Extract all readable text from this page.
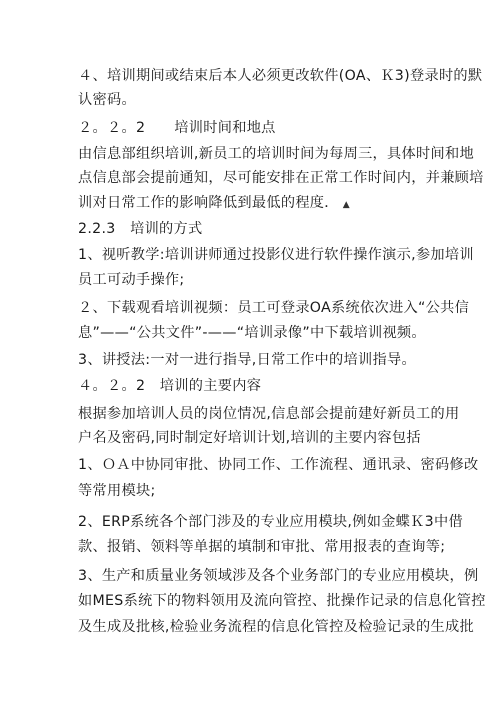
４、培训期间或结束后本人必须更改软件(OA、Ｋ3)登录时的默

认密码。

２。２。2　　培训时间和地点

由信息部组织培训,新员工的培训时间为每周三，具体时间和地

点信息部会提前通知，尽可能安排在正常工作时间内，并兼顾培

训对日常工作的影响降低到最低的程度． ▲

2.2.3　培训的方式

1、视听教学:培训讲师通过投影仪进行软件操作演示,参加培训

员工可动手操作;

２、下载观看培训视频：员工可登录OA系统依次进入“公共信

息”——“公共文件”-——“培训录像”中下载培训视频。

3、讲授法:一对一进行指导,日常工作中的培训指导。

４。２。2　培训的主要内容

根据参加培训人员的岗位情况,信息部会提前建好新员工的用

户名及密码,同时制定好培训计划,培训的主要内容包括

1、ＯＡ中协同审批、协同工作、工作流程、通讯录、密码修改

等常用模块;

2、ERP系统各个部门涉及的专业应用模块,例如金蝶Ｋ3中借

款、报销、领料等单据的填制和审批、常用报表的查询等;

3、生产和质量业务领域涉及各个业务部门的专业应用模块，例

如MES系统下的物料领用及流向管控、批操作记录的信息化管控

及生成及批核,检验业务流程的信息化管控及检验记录的生成批
